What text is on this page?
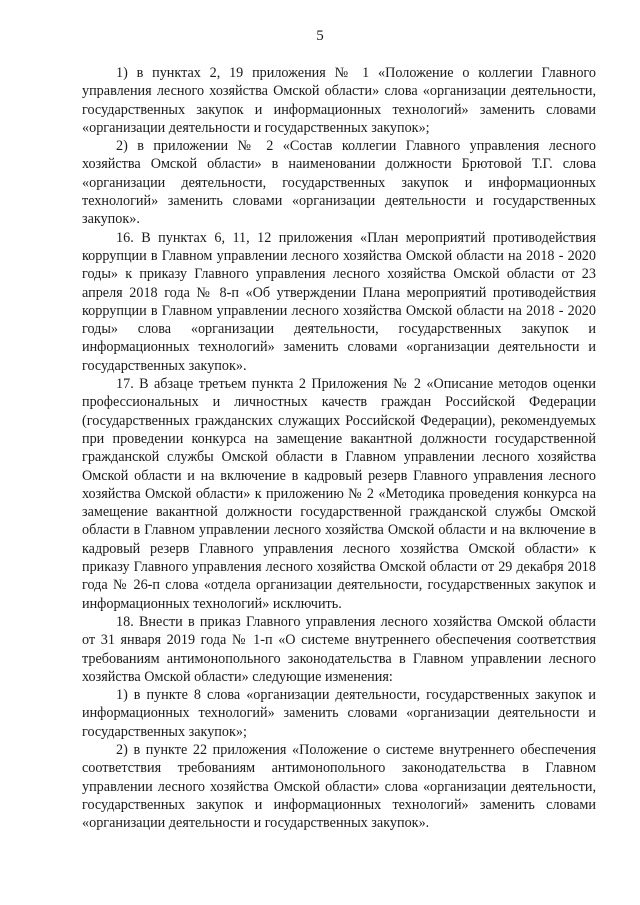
5

1) в пунктах 2, 19 приложения № 1 «Положение о коллегии Главного управления лесного хозяйства Омской области» слова «организации деятельности, государственных закупок и информационных технологий» заменить словами «организации деятельности и государственных закупок»;

2) в приложении № 2 «Состав коллегии Главного управления лесного хозяйства Омской области» в наименовании должности Брютовой Т.Г. слова «организации деятельности, государственных закупок и информационных технологий» заменить словами «организации деятельности и государственных закупок».

16. В пунктах 6, 11, 12 приложения «План мероприятий противодействия коррупции в Главном управлении лесного хозяйства Омской области на 2018 - 2020 годы» к приказу Главного управления лесного хозяйства Омской области от 23 апреля 2018 года № 8-п «Об утверждении Плана мероприятий противодействия коррупции в Главном управлении лесного хозяйства Омской области на 2018 - 2020 годы» слова «организации деятельности, государственных закупок и информационных технологий» заменить словами «организации деятельности и государственных закупок».

17. В абзаце третьем пункта 2 Приложения № 2 «Описание методов оценки профессиональных и личностных качеств граждан Российской Федерации (государственных гражданских служащих Российской Федерации), рекомендуемых при проведении конкурса на замещение вакантной должности государственной гражданской службы Омской области в Главном управлении лесного хозяйства Омской области и на включение в кадровый резерв Главного управления лесного хозяйства Омской области» к приложению № 2 «Методика проведения конкурса на замещение вакантной должности государственной гражданской службы Омской области в Главном управлении лесного хозяйства Омской области и на включение в кадровый резерв Главного управления лесного хозяйства Омской области» к приказу Главного управления лесного хозяйства Омской области от 29 декабря 2018 года № 26-п слова «отдела организации деятельности, государственных закупок и информационных технологий» исключить.

18. Внести в приказ Главного управления лесного хозяйства Омской области от 31 января 2019 года № 1-п «О системе внутреннего обеспечения соответствия требованиям антимонопольного законодательства в Главном управлении лесного хозяйства Омской области» следующие изменения:

1) в пункте 8 слова «организации деятельности, государственных закупок и информационных технологий» заменить словами «организации деятельности и государственных закупок»;

2) в пункте 22 приложения «Положение о системе внутреннего обеспечения соответствия требованиям антимонопольного законодательства в Главном управлении лесного хозяйства Омской области» слова «организации деятельности, государственных закупок и информационных технологий» заменить словами «организации деятельности и государственных закупок».
